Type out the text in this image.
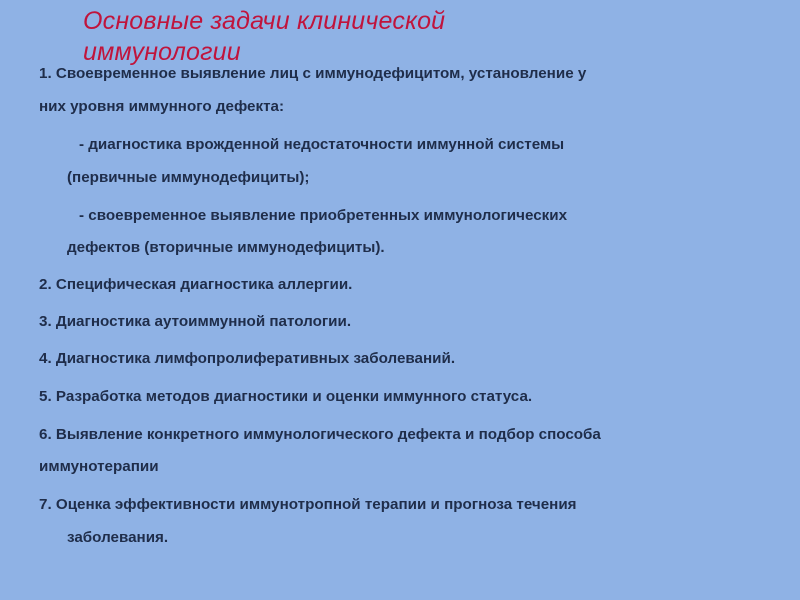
Основные задачи клинической иммунологии

1. Своевременное выявление лиц с иммунодефицитом, установление у

них уровня иммунного дефекта:

- диагностика врожденной недостаточности иммунной системы

(первичные иммунодефициты);

- своевременное выявление приобретенных иммунологических

дефектов (вторичные иммунодефициты).

2. Специфическая диагностика аллергии.

3. Диагностика аутоиммунной патологии.

4. Диагностика лимфопролиферативных заболеваний.

5. Разработка методов диагностики и оценки иммунного статуса.

6. Выявление конкретного иммунологического дефекта и подбор способа

иммунотерапии

7. Оценка эффективности иммунотропной терапии и прогноза течения

заболевания.
